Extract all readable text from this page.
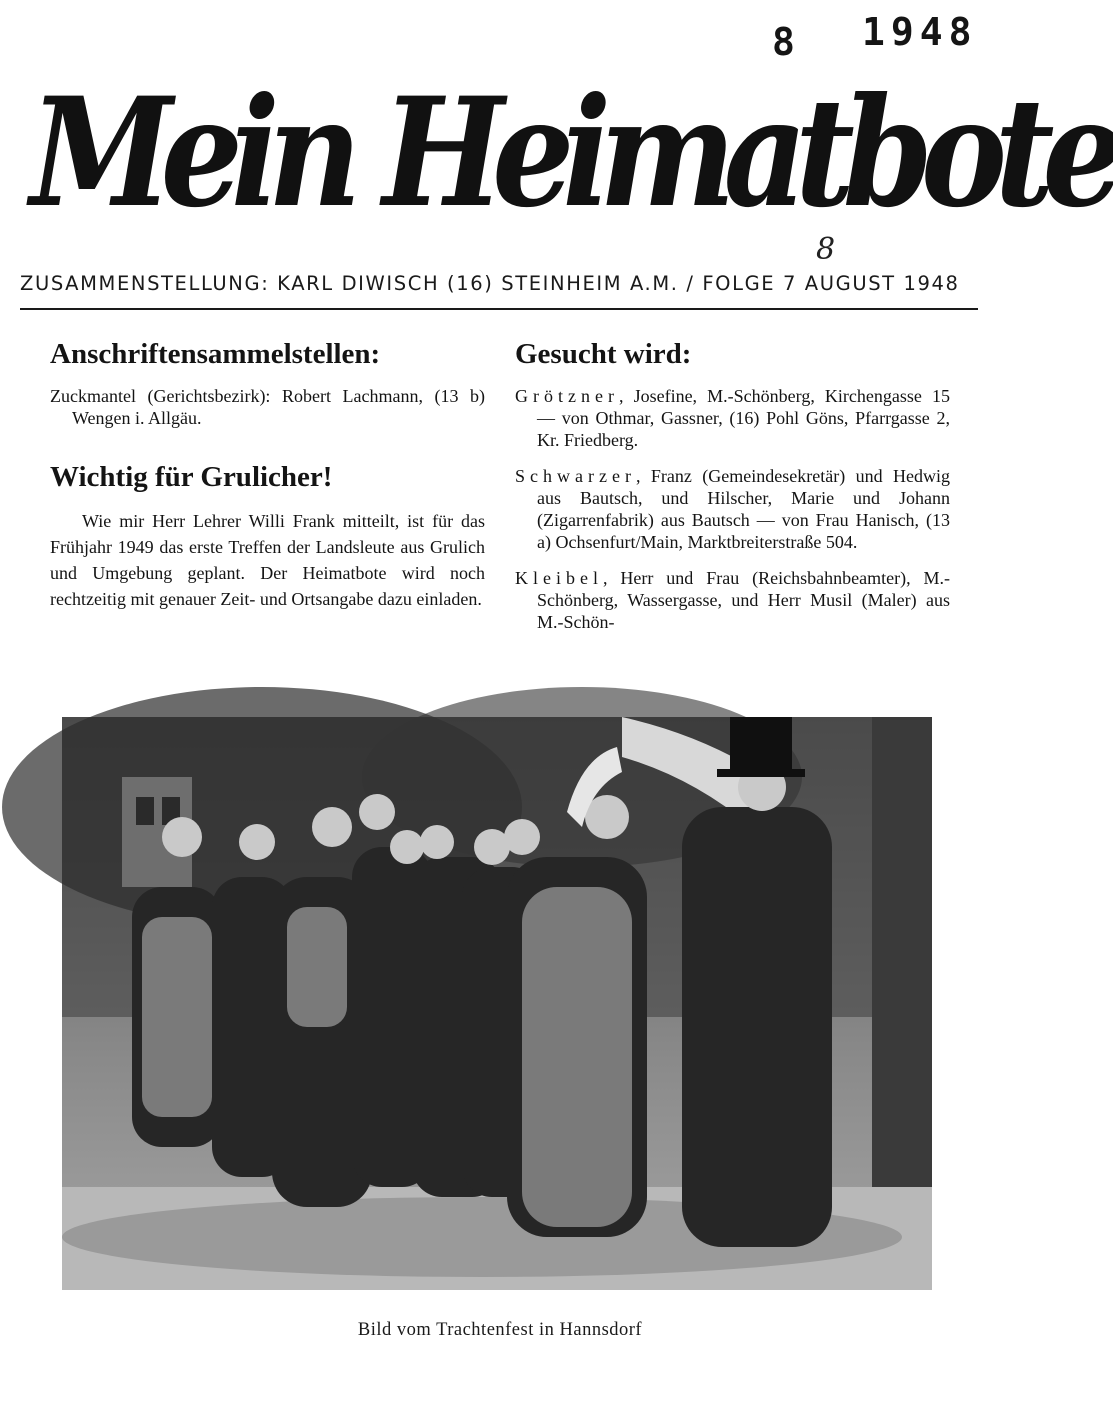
8 1948
Mein Heimatbote
8
ZUSAMMENSTELLUNG: KARL DIWISCH (16) STEINHEIM A.M. / FOLGE 7 AUGUST 1948
Anschriftensammelstellen:

Zuckmantel (Gerichtsbezirk): Robert Lachmann, (13 b) Wengen i. Allgäu.

Wichtig für Grulicher!

Wie mir Herr Lehrer Willi Frank mitteilt, ist für das Frühjahr 1949 das erste Treffen der Landsleute aus Grulich und Umgebung geplant. Der Heimatbote wird noch rechtzeitig mit genauer Zeit- und Ortsangabe dazu einladen.

Gesucht wird:

Grötzner, Josefine, M.-Schönberg, Kirchengasse 15 — von Othmar, Gassner, (16) Pohl Göns, Pfarrgasse 2, Kr. Friedberg.

Schwarzer, Franz (Gemeindesekretär) und Hedwig aus Bautsch, und Hilscher, Marie und Johann (Zigarrenfabrik) aus Bautsch — von Frau Hanisch, (13 a) Ochsenfurt/Main, Marktbreiterstraße 504.

Kleibel, Herr und Frau (Reichsbahnbeamter), M.-Schönberg, Wassergasse, und Herr Musil (Maler) aus M.-Schön-

Bild vom Trachtenfest in Hannsdorf
